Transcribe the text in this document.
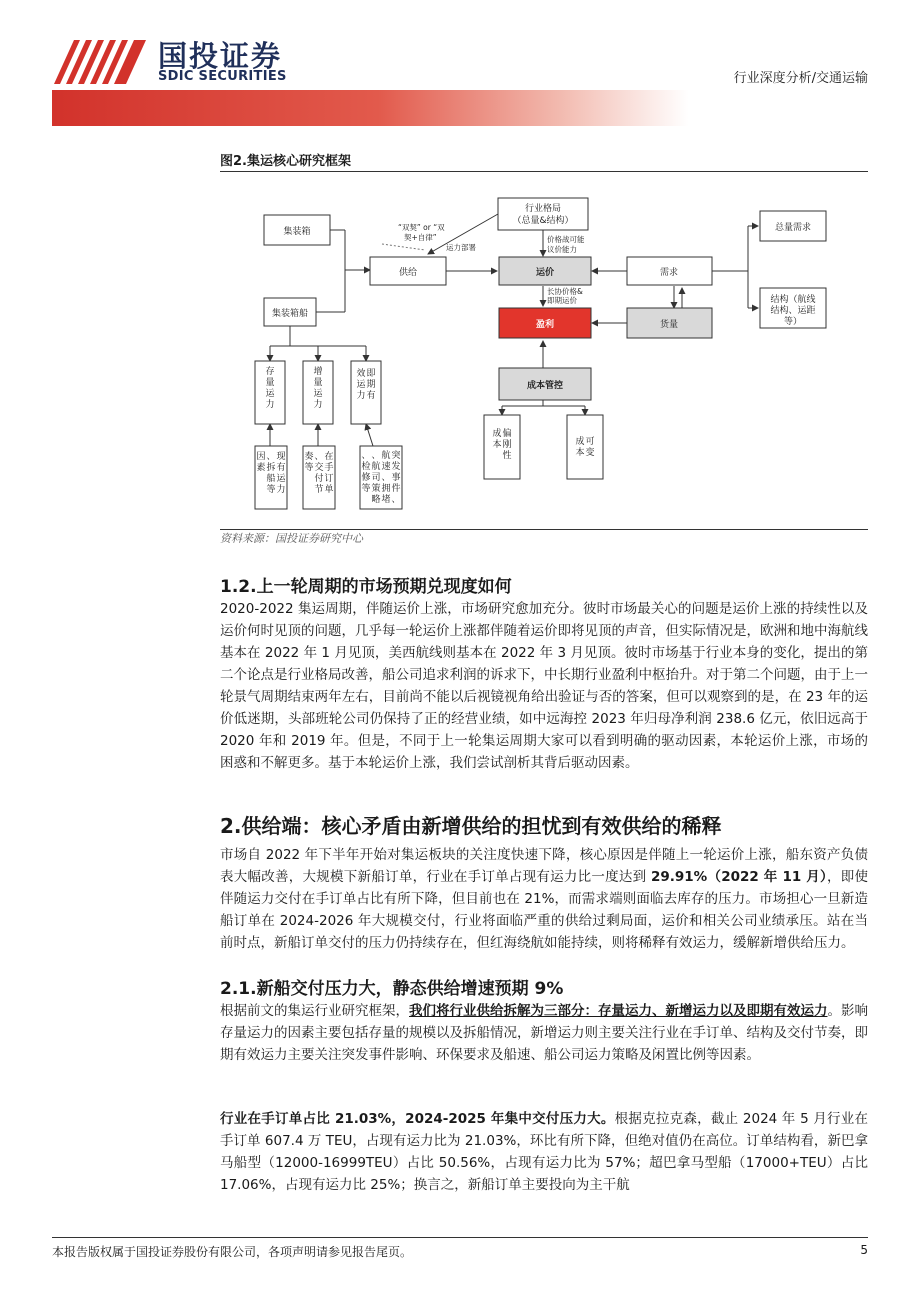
国投证券
SDIC SECURITIES	行业深度分析/交通运输
图2.集运核心研究框架
集装箱
集装箱船
行业格局
（总量&结构）
供给	运价	需求
总量需求
结构（航线
结构、运距
等）
盈利	货量
成本管控
存量运力
增量运力
即期有效运力
现有运力、拆船等因素
在手订单、交付节奏等
突发事件、航速、拥堵、航司策略、检修等
偏刚性成本	可变成本
“双契” or “双
契+自律”
运力部署
价格战可能
议价能力
长协价格&
即期运价
资料来源：国投证券研究中心
1.2.上一轮周期的市场预期兑现度如何
2020-2022 集运周期，伴随运价上涨，市场研究愈加充分。彼时市场最关心的问题是运价上涨的持续性以及运价何时见顶的问题，几乎每一轮运价上涨都伴随着运价即将见顶的声音，但实际情况是，欧洲和地中海航线基本在 2022 年 1 月见顶，美西航线则基本在 2022 年 3 月见顶。彼时市场基于行业本身的变化，提出的第二个论点是行业格局改善，船公司追求利润的诉求下，中长期行业盈利中枢抬升。对于第二个问题，由于上一轮景气周期结束两年左右，目前尚不能以后视镜视角给出验证与否的答案，但可以观察到的是，在 23 年的运价低迷期，头部班轮公司仍保持了正的经营业绩，如中远海控 2023 年归母净利润 238.6 亿元，依旧远高于 2020 年和 2019 年。但是，不同于上一轮集运周期大家可以看到明确的驱动因素，本轮运价上涨，市场的困惑和不解更多。基于本轮运价上涨，我们尝试剖析其背后驱动因素。
2.供给端：核心矛盾由新增供给的担忧到有效供给的稀释
市场自 2022 年下半年开始对集运板块的关注度快速下降，核心原因是伴随上一轮运价上涨，船东资产负债表大幅改善，大规模下新船订单，行业在手订单占现有运力比一度达到 29.91%（2022 年 11 月），即使伴随运力交付在手订单占比有所下降，但目前也在 21%，而需求端则面临去库存的压力。市场担心一旦新造船订单在 2024-2026 年大规模交付，行业将面临严重的供给过剩局面，运价和相关公司业绩承压。站在当前时点，新船订单交付的压力仍持续存在，但红海绕航如能持续，则将稀释有效运力，缓解新增供给压力。
2.1.新船交付压力大，静态供给增速预期 9%
根据前文的集运行业研究框架，我们将行业供给拆解为三部分：存量运力、新增运力以及即期有效运力。影响存量运力的因素主要包括存量的规模以及拆船情况，新增运力则主要关注行业在手订单、结构及交付节奏，即期有效运力主要关注突发事件影响、环保要求及船速、船公司运力策略及闲置比例等因素。
行业在手订单占比 21.03%，2024-2025 年集中交付压力大。根据克拉克森，截止 2024 年 5 月行业在手订单 607.4 万 TEU，占现有运力比为 21.03%，环比有所下降，但绝对值仍在高位。订单结构看，新巴拿马船型（12000-16999TEU）占比 50.56%，占现有运力比为 57%；超巴拿马型船（17000+TEU）占比 17.06%，占现有运力比 25%；换言之，新船订单主要投向为主干航
本报告版权属于国投证券股份有限公司，各项声明请参见报告尾页。	5
